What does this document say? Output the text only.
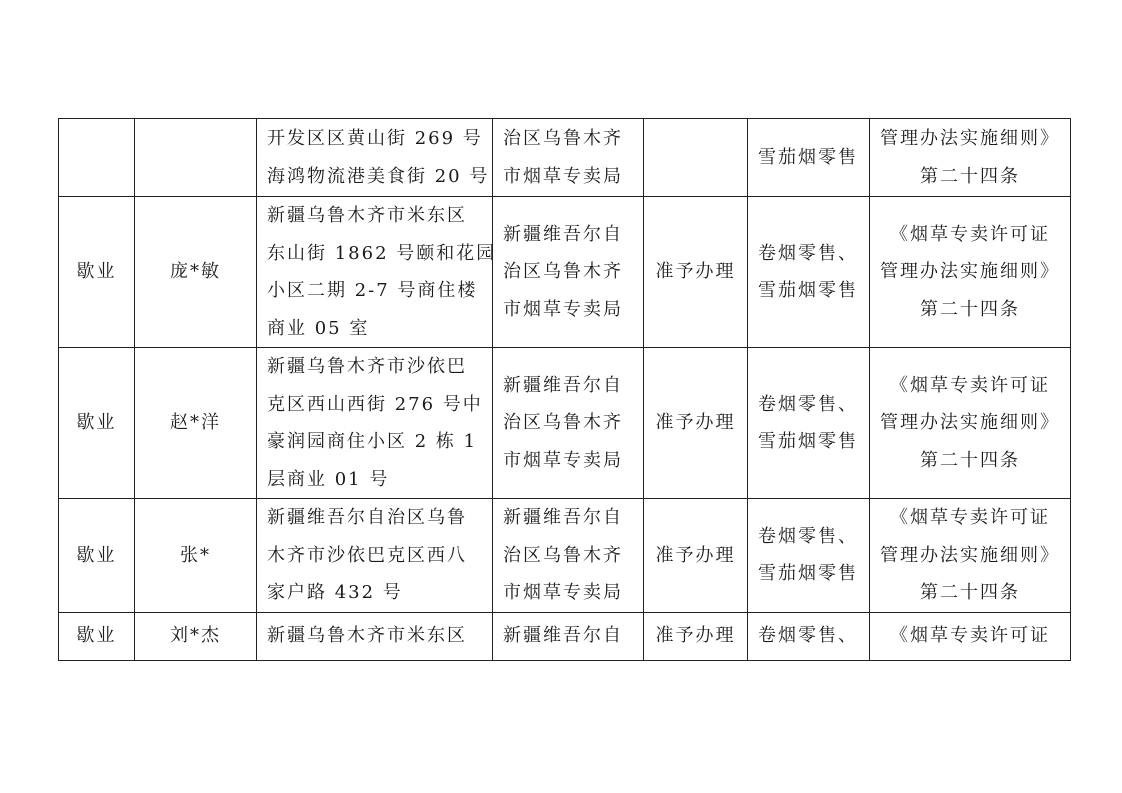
		开发区区黄山街 269 号
海鸿物流港美食街 20 号	治区乌鲁木齐
市烟草专卖局		雪茄烟零售	管理办法实施细则》
第二十四条

歇业	庞*敏	新疆乌鲁木齐市米东区
东山街 1862 号颐和花园
小区二期 2-7 号商住楼
商业 05 室	新疆维吾尔自
治区乌鲁木齐
市烟草专卖局	准予办理	卷烟零售、
雪茄烟零售	《烟草专卖许可证
管理办法实施细则》
第二十四条

歇业	赵*洋	新疆乌鲁木齐市沙依巴
克区西山西街 276 号中
豪润园商住小区 2 栋 1
层商业 01 号	新疆维吾尔自
治区乌鲁木齐
市烟草专卖局	准予办理	卷烟零售、
雪茄烟零售	《烟草专卖许可证
管理办法实施细则》
第二十四条

歇业	张*	新疆维吾尔自治区乌鲁
木齐市沙依巴克区西八
家户路 432 号	新疆维吾尔自
治区乌鲁木齐
市烟草专卖局	准予办理	卷烟零售、
雪茄烟零售	《烟草专卖许可证
管理办法实施细则》
第二十四条

歇业	刘*杰	新疆乌鲁木齐市米东区	新疆维吾尔自	准予办理	卷烟零售、	《烟草专卖许可证
